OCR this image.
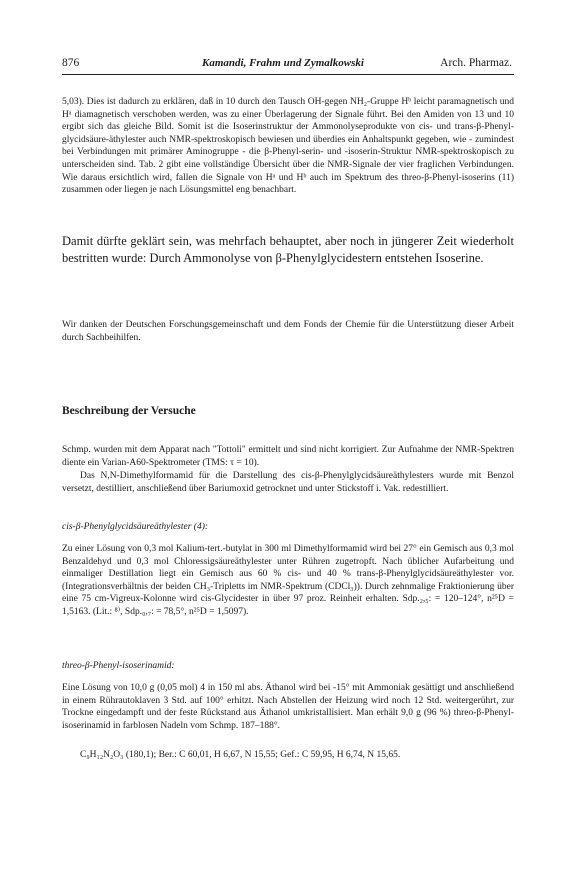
876	Kamandi, Frahm und Zymalkowski	Arch. Pharmaz.

5,03). Dies ist dadurch zu erklären, daß in 10 durch den Tausch OH-gegen NH₂-Gruppe Hᵇ leicht paramagnetisch und Hᵃ diamagnetisch verschoben werden, was zu einer Überlagerung der Signale führt. Bei den Amiden von 13 und 10 ergibt sich das gleiche Bild. Somit ist die Isoserinstruktur der Ammonolyseprodukte von cis- und trans-β-Phenyl-glycidsäure-äthylester auch NMR-spektroskopisch bewiesen und überdies ein Anhaltspunkt gegeben, wie - zumindest bei Verbindungen mit primärer Aminogruppe - die β-Phenyl-serin- und -isoserin-Struktur NMR-spektroskopisch zu unterscheiden sind. Tab. 2 gibt eine vollständige Übersicht über die NMR-Signale der vier fraglichen Verbindungen. Wie daraus ersichtlich wird, fallen die Signale von Hᵃ und Hᵇ auch im Spektrum des threo-β-Phenyl-isoserins (11) zusammen oder liegen je nach Lösungsmittel eng benachbart.

Damit dürfte geklärt sein, was mehrfach behauptet, aber noch in jüngerer Zeit wiederholt bestritten wurde: Durch Ammonolyse von β-Phenylglycidestern entstehen Isoserine.

Wir danken der Deutschen Forschungsgemeinschaft und dem Fonds der Chemie für die Unterstützung dieser Arbeit durch Sachbeihilfen.

Beschreibung der Versuche

Schmp. wurden mit dem Apparat nach "Tottoli" ermittelt und sind nicht korrigiert. Zur Aufnahme der NMR-Spektren diente ein Varian-A60-Spektrometer (TMS: τ = 10).

Das N,N-Dimethylformamid für die Darstellung des cis-β-Phenylglycidsäureäthylesters wurde mit Benzol versetzt, destilliert, anschließend über Bariumoxid getrocknet und unter Stickstoff i. Vak. redestilliert.

cis-β-Phenylglycidsäureäthylester (4):

Zu einer Lösung von 0,3 mol Kalium-tert.-butylat in 300 ml Dimethylformamid wird bei 27° ein Gemisch aus 0,3 mol Benzaldehyd und 0,3 mol Chloressigsäureäthylester unter Rühren zugetropft. Nach üblicher Aufarbeitung und einmaliger Destillation liegt ein Gemisch aus 60 % cis- und 40 % trans-β-Phenylglycidsäureäthylester vor. (Integrationsverhältnis der beiden CH₃-Tripletts im NMR-Spektrum (CDCl₃)). Durch zehnmalige Fraktionierung über eine 75 cm-Vigreux-Kolonne wird cis-Glycidester in über 97 proz. Reinheit erhalten. Sdp.₂,₅: = 120–124°, n²⁵D = 1,5163. (Lit.: ⁸⁾, Sdp.₀,₇: = 78,5°, n²⁵D = 1,5097).

threo-β-Phenyl-isoserinamid:

Eine Lösung von 10,0 g (0,05 mol) 4 in 150 ml abs. Äthanol wird bei -15° mit Ammoniak gesättigt und anschließend in einem Rührautoklaven 3 Std. auf 100° erhitzt. Nach Abstellen der Heizung wird noch 12 Std. weitergerührt, zur Trockne eingedampft und der feste Rückstand aus Äthanol umkristallisiert. Man erhält 9,0 g (96 %) threo-β-Phenyl-isoserinamid in farblosen Nadeln vom Schmp. 187–188°.

C₉H₁₂N₂O₃ (180,1); Ber.: C 60,01, H 6,67, N 15,55; Gef.: C 59,95, H 6,74, N 15,65.
